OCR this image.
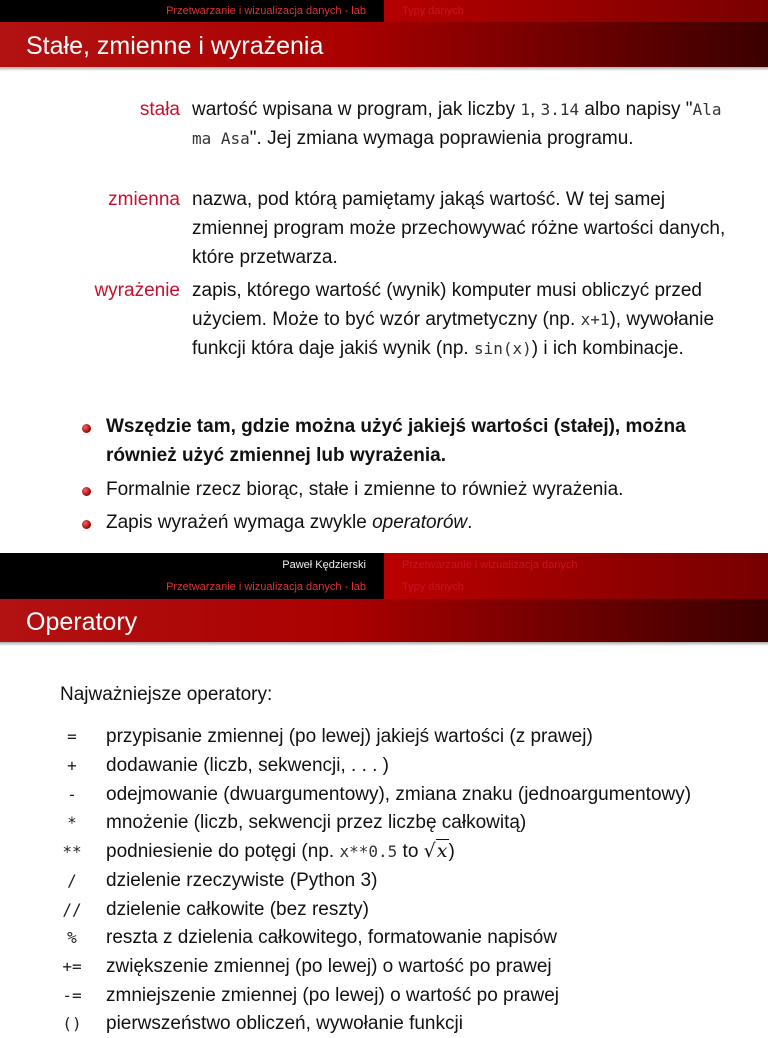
Przetwarzanie i wizualizacja danych - lab	Typy danych
Stałe, zmienne i wyrażenia
stała wartość wpisana w program, jak liczby 1, 3.14 albo napisy "Ala ma Asa". Jej zmiana wymaga poprawienia programu.
zmienna nazwa, pod którą pamiętamy jakąś wartość. W tej samej zmiennej program może przechowywać różne wartości danych, które przetwarza.
wyrażenie zapis, którego wartość (wynik) komputer musi obliczyć przed użyciem. Może to być wzór arytmetyczny (np. x+1), wywołanie funkcji która daje jakiś wynik (np. sin(x)) i ich kombinacje.
Wszędzie tam, gdzie można użyć jakiejś wartości (stałej), można również użyć zmiennej lub wyrażenia.
Formalnie rzecz biorąc, stałe i zmienne to również wyrażenia.
Zapis wyrażeń wymaga zwykle operatorów.
Paweł Kędzierski	Przetwarzanie i wizualizacja danych
Przetwarzanie i wizualizacja danych - lab	Typy danych
Operatory
Najważniejsze operatory:
=	przypisanie zmiennej (po lewej) jakiejś wartości (z prawej)
+	dodawanie (liczb, sekwencji, . . . )
-	odejmowanie (dwuargumentowy), zmiana znaku (jednoargumentowy)
*	mnożenie (liczb, sekwencji przez liczbę całkowitą)
**	podniesienie do potęgi (np. x**0.5 to √x)
/	dzielenie rzeczywiste (Python 3)
//	dzielenie całkowite (bez reszty)
%	reszta z dzielenia całkowitego, formatowanie napisów
+=	zwiększenie zmiennej (po lewej) o wartość po prawej
-=	zmniejszenie zmiennej (po lewej) o wartość po prawej
()	pierwszeństwo obliczeń, wywołanie funkcji
